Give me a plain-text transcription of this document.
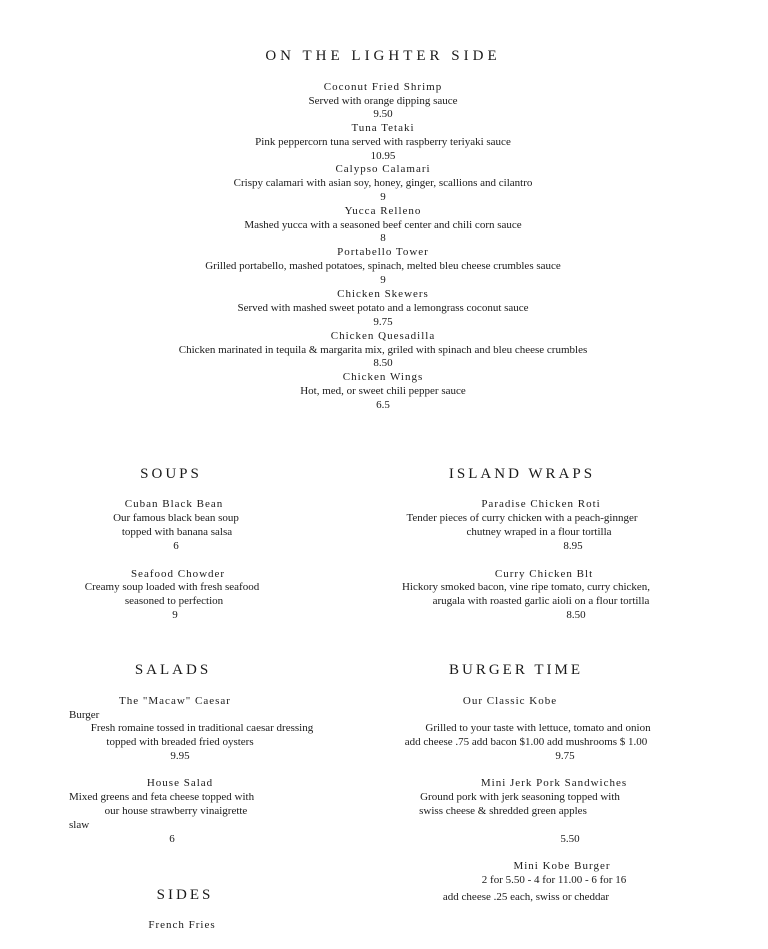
ON THE LIGHTER SIDE
Coconut Fried Shrimp
Served with orange dipping sauce
9.50
Tuna Tetaki
Pink peppercorn tuna served with raspberry teriyaki sauce
10.95
Calypso Calamari
Crispy calamari with asian soy, honey, ginger, scallions and cilantro
9
Yucca Relleno
Mashed yucca with a seasoned beef center and chili corn sauce
8
Portabello Tower
Grilled portabello, mashed potatoes, spinach, melted bleu cheese crumbles sauce
9
Chicken Skewers
Served with mashed sweet potato and a lemongrass coconut sauce
9.75
Chicken Quesadilla
Chicken marinated in tequila & margarita mix, griled with spinach and bleu cheese crumbles
8.50
Chicken Wings
Hot, med, or sweet chili pepper sauce
6.5
SOUPS
Cuban Black Bean
Our famous black bean soup
topped with banana salsa
6
Seafood Chowder
Creamy soup loaded with fresh seafood
seasoned to perfection
9
ISLAND WRAPS
Paradise Chicken Roti
Tender pieces of curry chicken with a peach-ginnger
chutney wraped in a flour tortilla
8.95
Curry Chicken Blt
Hickory smoked bacon, vine ripe tomato, curry chicken,
arugala with roasted garlic aioli on a flour tortilla
8.50
SALADS
The "Macaw" Caesar
Burger
Fresh romaine tossed in traditional caesar dressing
topped with breaded fried oysters
9.95
House Salad
Mixed greens and feta cheese topped with
our house strawberry vinaigrette
slaw
6
BURGER TIME
Our Classic Kobe
Grilled to your taste with lettuce, tomato and onion
add cheese .75 add bacon $1.00 add mushrooms $ 1.00
9.75
Mini Jerk Pork Sandwiches
Ground pork with jerk seasoning topped with
swiss cheese & shredded green apples
5.50
Mini Kobe Burger
2 for 5.50 - 4 for 11.00 - 6 for 16
add cheese .25 each, swiss or cheddar
SIDES
French Fries
